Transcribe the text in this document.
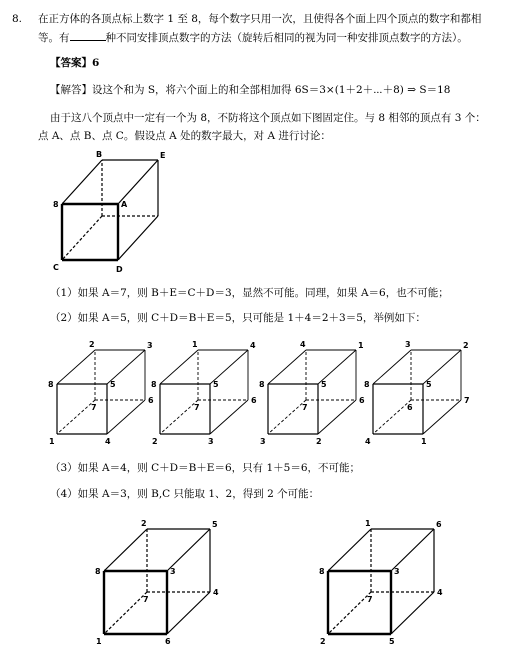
8. 在正方体的各顶点标上数字 1 至 8，每个数字只用一次，且使得各个面上四个顶点的数字和都相
等。有	种不同安排顶点数字的方法（旋转后相同的视为同一种安排顶点数字的方法）。
【答案】6
【解答】设这个和为 S，将六个面上的和全部相加得 6S＝3×(1＋2＋⋯＋8) ⇒ S＝18
由于这八个顶点中一定有一个为 8，不防将这个顶点如下图固定住。与 8 相邻的顶点有 3 个：
点 A、点 B、点 C。假设点 A 处的数字最大，对 A 进行讨论：
（1）如果 A＝7，则 B＋E＝C＋D＝3，显然不可能。同理，如果 A＝6，也不可能；
（2）如果 A＝5，则 C＋D＝B＋E＝5，只可能是 1＋4＝2＋3＝5，举例如下：
（3）如果 A＝4，则 C＋D＝B＋E＝6，只有 1＋5＝6，不可能；
（4）如果 A＝3，则 B,C 只能取 1、2，得到 2 个可能：
B	E
8	A
C	D
2	3
8	5
6
1	4
7
1	4
8	5
6
2	3
7
4	1
8	5
6
3	2
7
3	2
8	5
7
4	1
6
2	5
8	3
4
1	6
7
1	6
8	3
4
2	5
7
